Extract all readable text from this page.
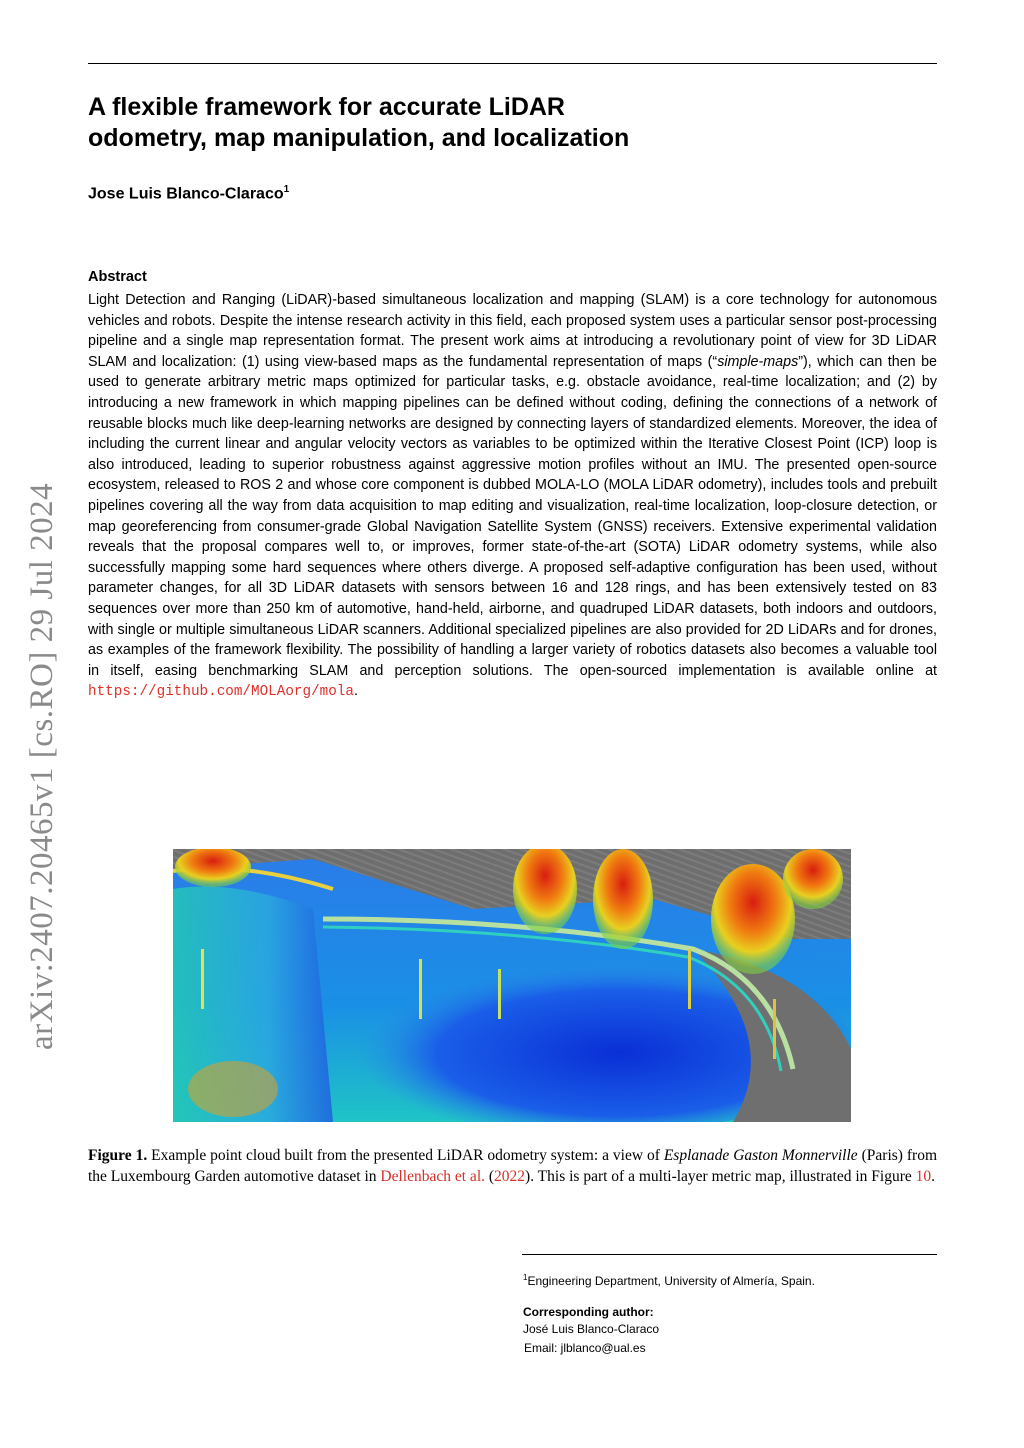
arXiv:2407.20465v1 [cs.RO] 29 Jul 2024
A flexible framework for accurate LiDAR
odometry, map manipulation, and localization
Jose Luis Blanco-Claraco$^1$
Abstract

Light Detection and Ranging (LiDAR)-based simultaneous localization and mapping (SLAM) is a core technology for autonomous vehicles and robots. Despite the intense research activity in this field, each proposed system uses a particular sensor post-processing pipeline and a single map representation format. The present work aims at introducing a revolutionary point of view for 3D LiDAR SLAM and localization: (1) using view-based maps as the fundamental representation of maps (“simple-maps”), which can then be used to generate arbitrary metric maps optimized for particular tasks, e.g. obstacle avoidance, real-time localization; and (2) by introducing a new framework in which mapping pipelines can be defined without coding, defining the connections of a network of reusable blocks much like deep-learning networks are designed by connecting layers of standardized elements. Moreover, the idea of including the current linear and angular velocity vectors as variables to be optimized within the Iterative Closest Point (ICP) loop is also introduced, leading to superior robustness against aggressive motion profiles without an IMU. The presented open-source ecosystem, released to ROS 2 and whose core component is dubbed MOLA-LO (MOLA LiDAR odometry), includes tools and prebuilt pipelines covering all the way from data acquisition to map editing and visualization, real-time localization, loop-closure detection, or map georeferencing from consumer-grade Global Navigation Satellite System (GNSS) receivers. Extensive experimental validation reveals that the proposal compares well to, or improves, former state-of-the-art (SOTA) LiDAR odometry systems, while also successfully mapping some hard sequences where others diverge. A proposed self-adaptive configuration has been used, without parameter changes, for all 3D LiDAR datasets with sensors between 16 and 128 rings, and has been extensively tested on 83 sequences over more than 250 km of automotive, hand-held, airborne, and quadruped LiDAR datasets, both indoors and outdoors, with single or multiple simultaneous LiDAR scanners. Additional specialized pipelines are also provided for 2D LiDARs and for drones, as examples of the framework flexibility. The possibility of handling a larger variety of robotics datasets also becomes a valuable tool in itself, easing benchmarking SLAM and perception solutions. The open-sourced implementation is available online at https://github.com/MOLAorg/mola.

Figure 1. Example point cloud built from the presented LiDAR odometry system: a view of Esplanade Gaston Monnerville (Paris) from the Luxembourg Garden automotive dataset in Dellenbach et al. (2022). This is part of a multi-layer metric map, illustrated in Figure 10.

$^1$Engineering Department, University of Almería, Spain.
Corresponding author:
José Luis Blanco-Claraco
Email: jlblanco@ual.es
